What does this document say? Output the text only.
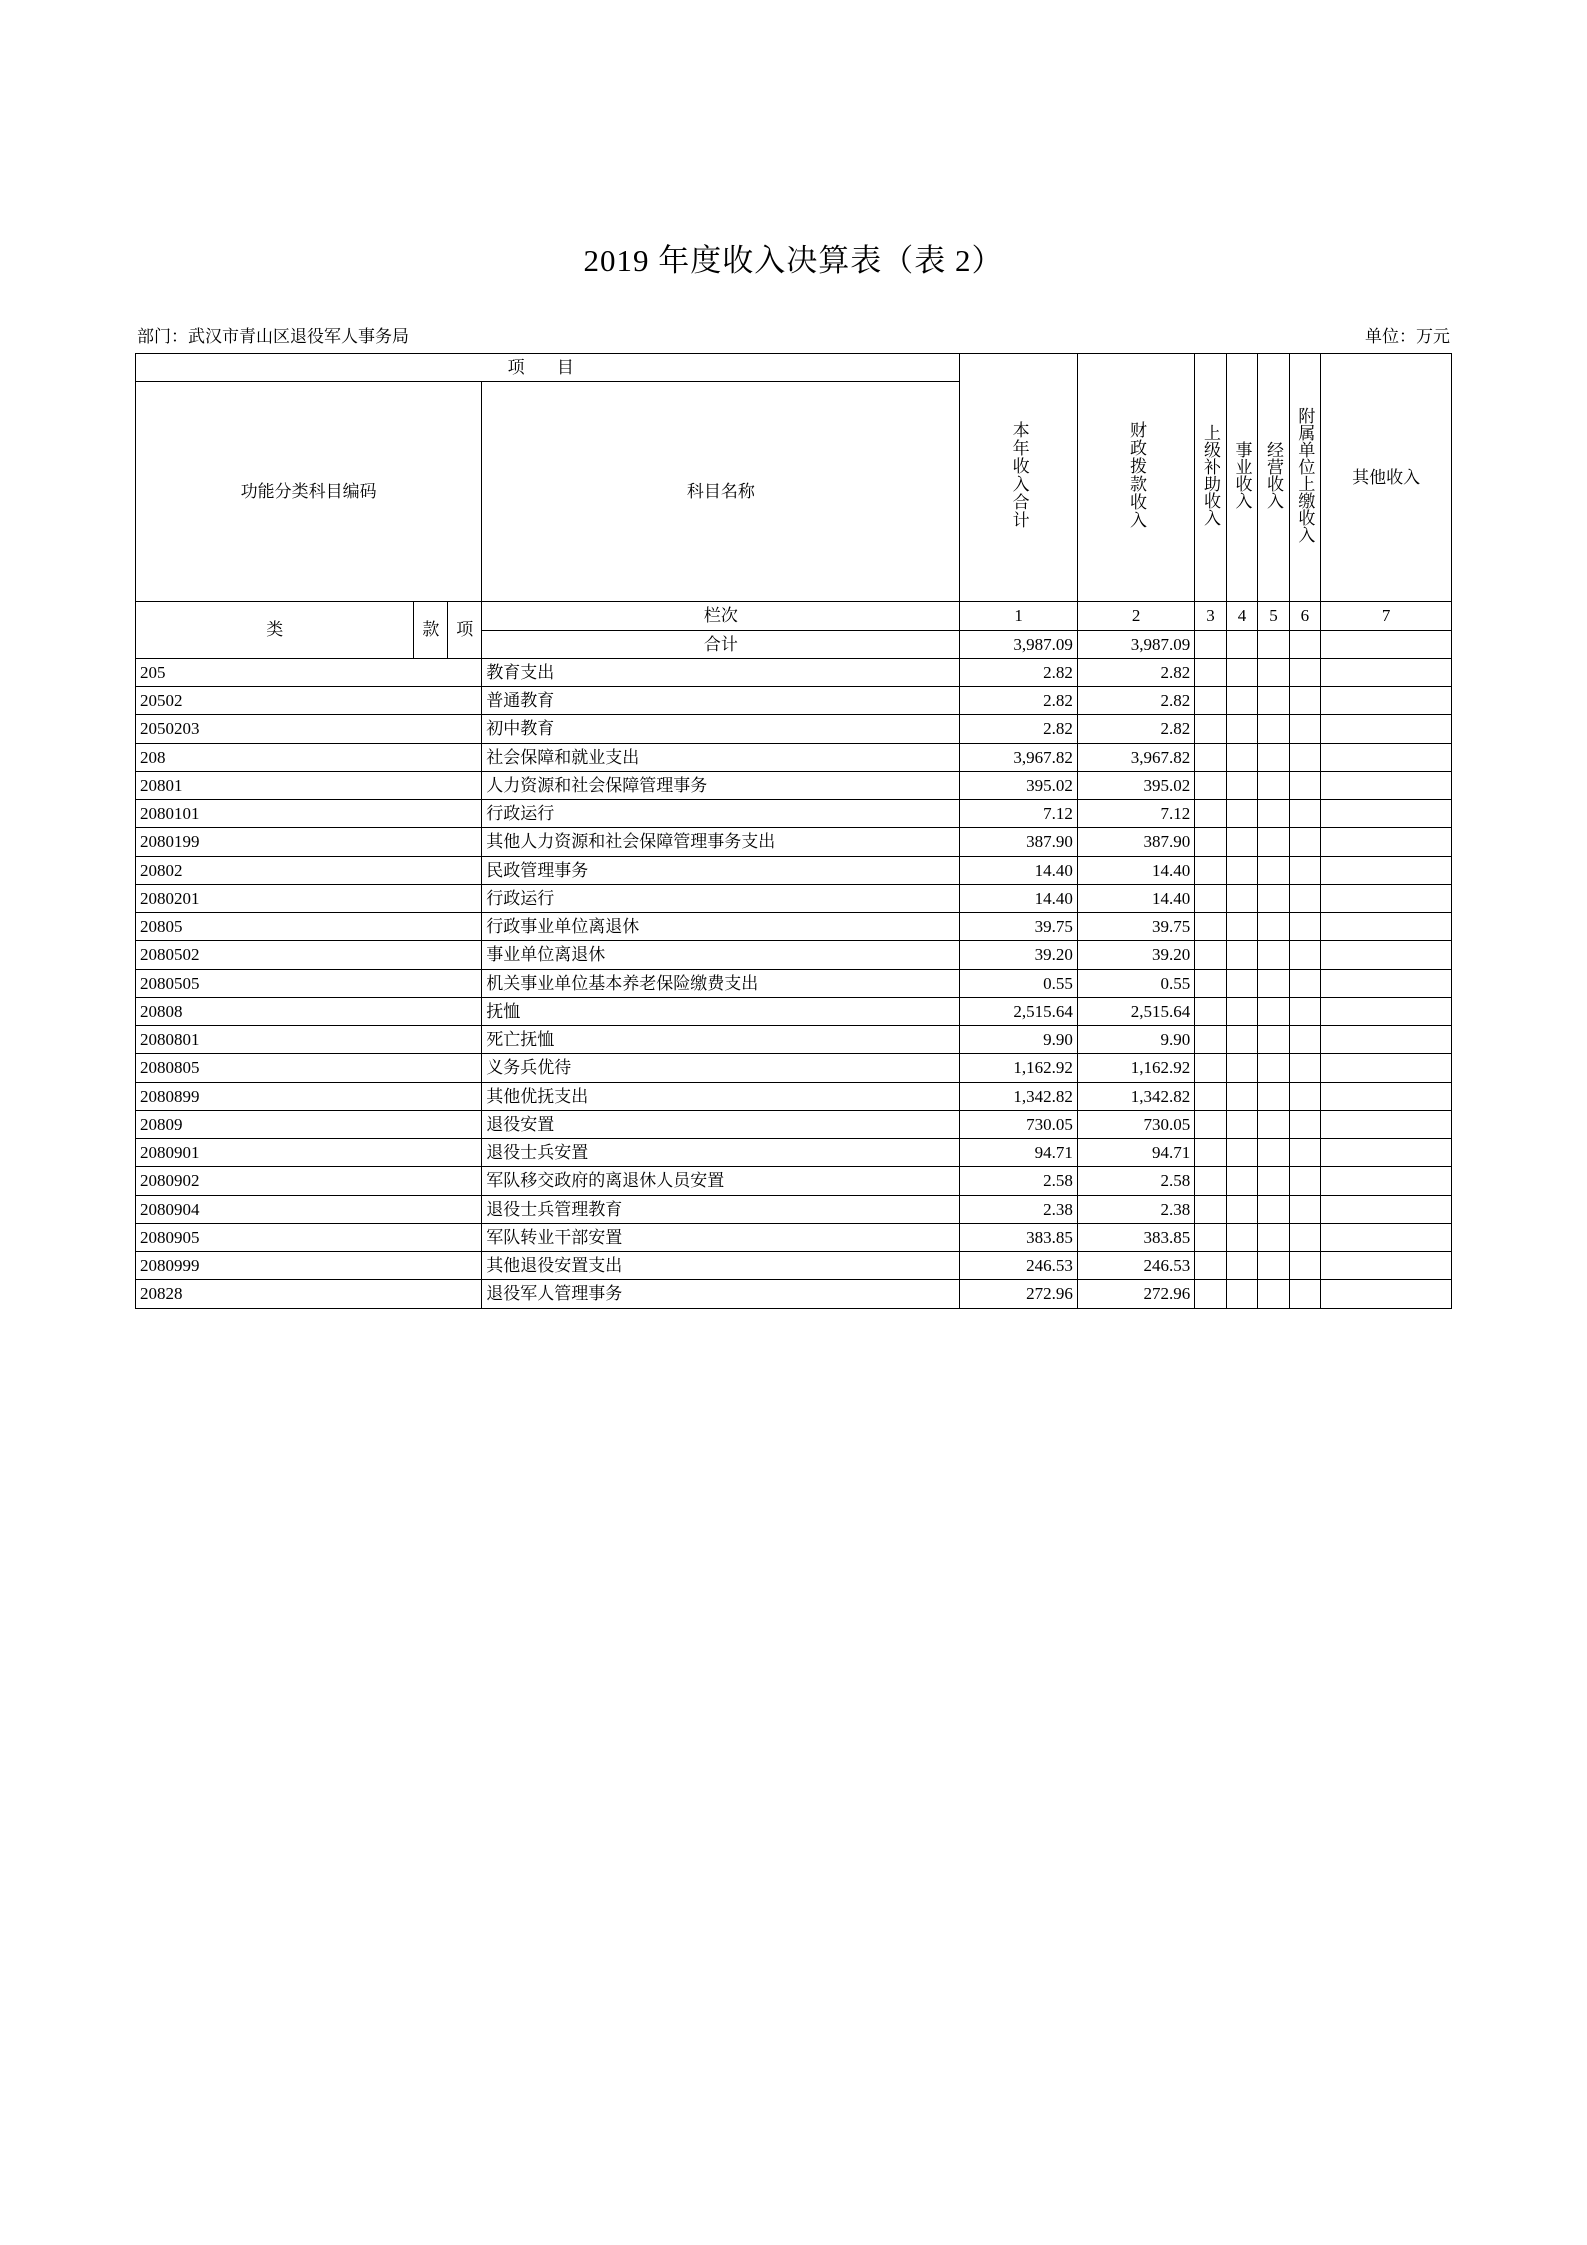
2019 年度收入决算表（表 2）
部门：武汉市青山区退役军人事务局	单位：万元
项 目				本年收入合计	财政拨款收入	上级补助收入	事业收入	经营收入	附属单位上缴收入	其他收入
功能分类科目编码			科目名称							
类	款	项	栏次	1	2	3	4	5	6	7
			合计	3,987.09	3,987.09					
205			教育支出	2.82	2.82					
20502			普通教育	2.82	2.82					
2050203			初中教育	2.82	2.82					
208			社会保障和就业支出	3,967.82	3,967.82					
20801			人力资源和社会保障管理事务	395.02	395.02					
2080101			行政运行	7.12	7.12					
2080199			其他人力资源和社会保障管理事务支出	387.90	387.90					
20802			民政管理事务	14.40	14.40					
2080201			行政运行	14.40	14.40					
20805			行政事业单位离退休	39.75	39.75					
2080502			事业单位离退休	39.20	39.20					
2080505			机关事业单位基本养老保险缴费支出	0.55	0.55					
20808			抚恤	2,515.64	2,515.64					
2080801			死亡抚恤	9.90	9.90					
2080805			义务兵优待	1,162.92	1,162.92					
2080899			其他优抚支出	1,342.82	1,342.82					
20809			退役安置	730.05	730.05					
2080901			退役士兵安置	94.71	94.71					
2080902			军队移交政府的离退休人员安置	2.58	2.58					
2080904			退役士兵管理教育	2.38	2.38					
2080905			军队转业干部安置	383.85	383.85					
2080999			其他退役安置支出	246.53	246.53					
20828			退役军人管理事务	272.96	272.96					
